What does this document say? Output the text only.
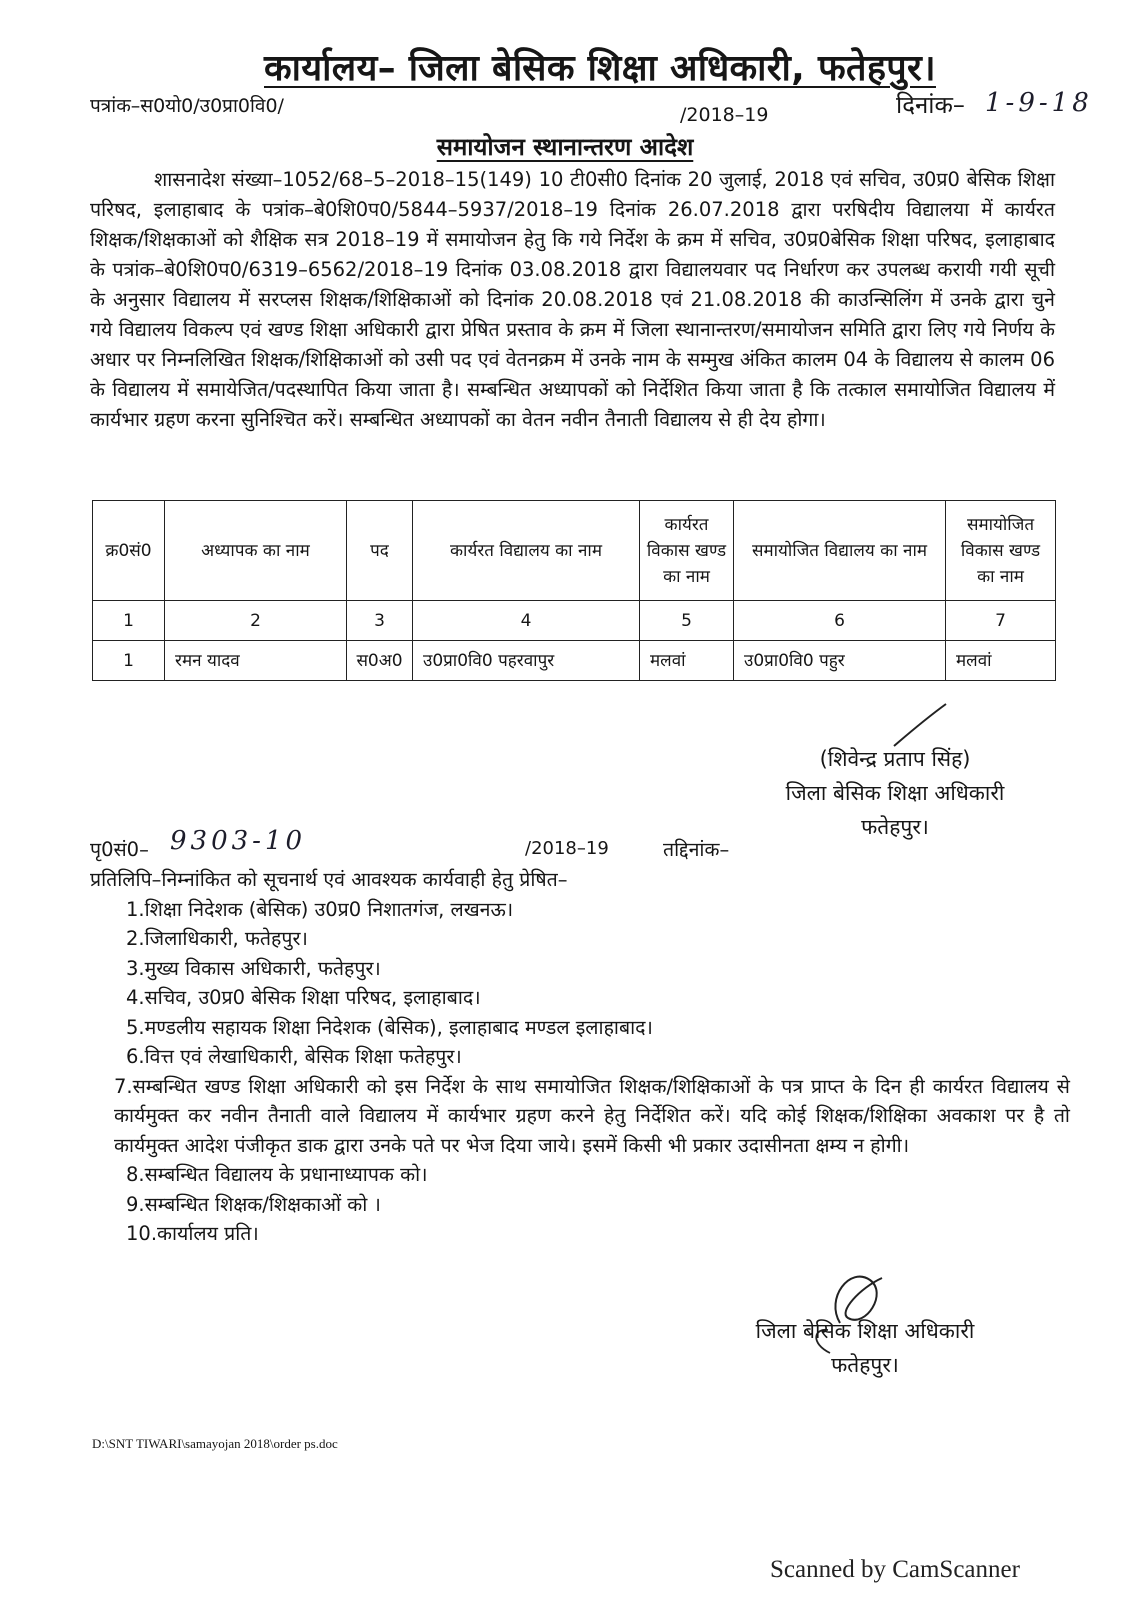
कार्यालय– जिला बेसिक शिक्षा अधिकारी, फतेहपुर।
पत्रांक–स0यो0/उ0प्रा0वि0/	/2018–19	दिनांक– 1-9-18
समायोजन स्थानान्तरण आदेश
शासनादेश संख्या–1052/68–5–2018–15(149) 10 टी0सी0 दिनांक 20 जुलाई, 2018 एवं सचिव, उ0प्र0 बेसिक शिक्षा परिषद, इलाहाबाद के पत्रांक–बे0शि0प0/5844–5937/2018–19 दिनांक 26.07.2018 द्वारा परषिदीय विद्यालया में कार्यरत शिक्षक/शिक्षकाओं को शैक्षिक सत्र 2018–19 में समायोजन हेतु कि गये निर्देश के क्रम में सचिव, उ0प्र0बेसिक शिक्षा परिषद, इलाहाबाद के पत्रांक–बे0शि0प0/6319–6562/2018–19 दिनांक 03.08.2018 द्वारा विद्यालयवार पद निर्धारण कर उपलब्ध करायी गयी सूची के अनुसार विद्यालय में सरप्लस शिक्षक/शिक्षिकाओं को दिनांक 20.08.2018 एवं 21.08.2018 की काउन्सिलिंग में उनके द्वारा चुने गये विद्यालय विकल्प एवं खण्ड शिक्षा अधिकारी द्वारा प्रेषित प्रस्ताव के क्रम में जिला स्थानान्तरण/समायोजन समिति द्वारा लिए गये निर्णय के अधार पर निम्नलिखित शिक्षक/शिक्षिकाओं को उसी पद एवं वेतनक्रम में उनके नाम के सम्मुख अंकित कालम 04 के विद्यालय से कालम 06 के विद्यालय में समायेजित/पदस्थापित किया जाता है। सम्बन्धित अध्यापकों को निर्देशित किया जाता है कि तत्काल समायोजित विद्यालय में कार्यभार ग्रहण करना सुनिश्चित करें। सम्बन्धित अध्यापकों का वेतन नवीन तैनाती विद्यालय से ही देय होगा।
क्र0सं0	अध्यापक का नाम	पद	कार्यरत विद्यालय का नाम	कार्यरत विकास खण्ड का नाम	समायोजित विद्यालय का नाम	समायोजित विकास खण्ड का नाम
1	2	3	4	5	6	7
1	रमन यादव	स0अ0	उ0प्रा0वि0 पहरवापुर	मलवां	उ0प्रा0वि0 पहुर	मलवां
(शिवेन्द्र प्रताप सिंह)
जिला बेसिक शिक्षा अधिकारी
फतेहपुर।
पृ0सं0– 9303-10	/2018–19	तद्दिनांक–
प्रतिलिपि–निम्नांकित को सूचनार्थ एवं आवश्यक कार्यवाही हेतु प्रेषित–
1.शिक्षा निदेशक (बेसिक) उ0प्र0 निशातगंज, लखनऊ।
2.जिलाधिकारी, फतेहपुर।
3.मुख्य विकास अधिकारी, फतेहपुर।
4.सचिव, उ0प्र0 बेसिक शिक्षा परिषद, इलाहाबाद।
5.मण्डलीय सहायक शिक्षा निदेशक (बेसिक), इलाहाबाद मण्डल इलाहाबाद।
6.वित्त एवं लेखाधिकारी, बेसिक शिक्षा फतेहपुर।
7.सम्बन्धित खण्ड शिक्षा अधिकारी को इस निर्देश के साथ समायोजित शिक्षक/शिक्षिकाओं के पत्र प्राप्त के दिन ही कार्यरत विद्यालय से कार्यमुक्त कर नवीन तैनाती वाले विद्यालय में कार्यभार ग्रहण करने हेतु निर्देशित करें। यदि कोई शिक्षक/शिक्षिका अवकाश पर है तो कार्यमुक्त आदेश पंजीकृत डाक द्वारा उनके पते पर भेज दिया जाये। इसमें किसी भी प्रकार उदासीनता क्षम्य न होगी।
8.सम्बन्धित विद्यालय के प्रधानाध्यापक को।
9.सम्बन्धित शिक्षक/शिक्षकाओं को ।
10.कार्यालय प्रति।
जिला बेसिक शिक्षा अधिकारी
फतेहपुर।
D:\SNT TIWARI\samayojan 2018\order ps.doc
Scanned by CamScanner
